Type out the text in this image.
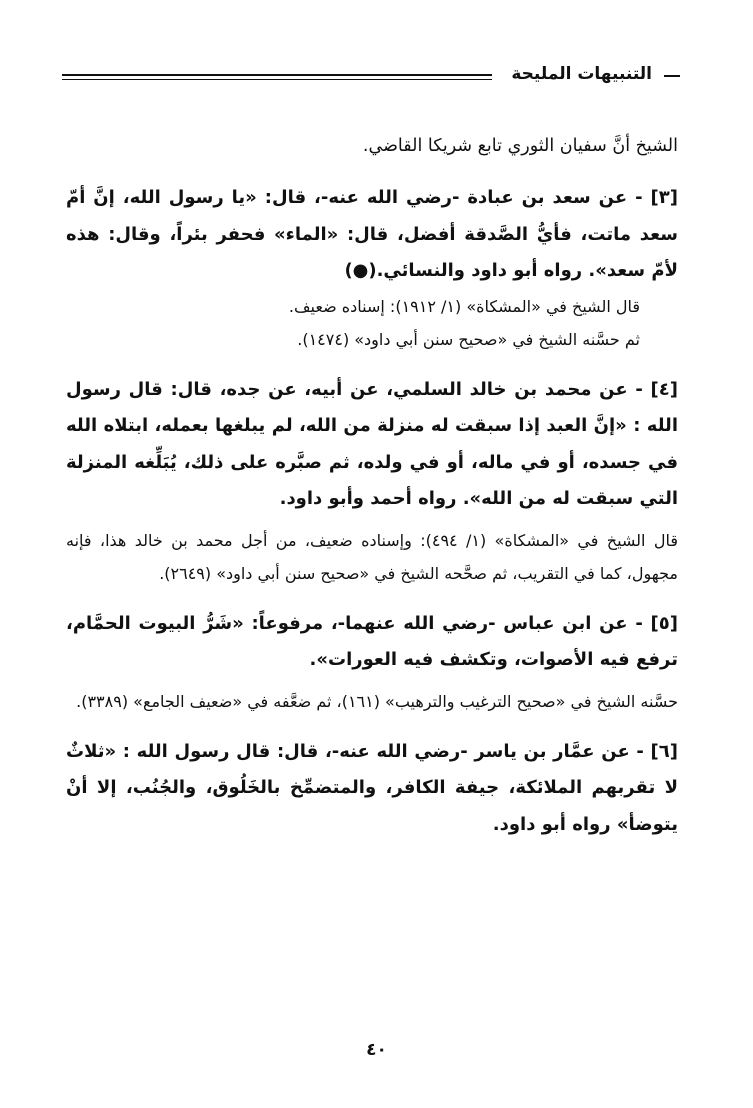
التنبيهات المليحة

الشيخ أنَّ سفيان الثوري تابع شريكا القاضي.

[٣] - عن سعد بن عبادة -رضي الله عنه-، قال: «يا رسول الله، إنَّ أمّ سعد ماتت، فأيُّ الصَّدقة أفضل، قال: «الماء» فحفر بئراً، وقال: هذه لأمّ سعد». رواه أبو داود والنسائي.(●)

قال الشيخ في «المشكاة» (١/ ١٩١٢): إسناده ضعيف.

ثم حسَّنه الشيخ في «صحيح سنن أبي داود» (١٤٧٤).

[٤] - عن محمد بن خالد السلمي، عن أبيه، عن جده، قال: قال رسول الله : «إنَّ العبد إذا سبقت له منزلة من الله، لم يبلغها بعمله، ابتلاه الله في جسده، أو في ماله، أو في ولده، ثم صبَّره على ذلك، يُبَلِّغه المنزلة التي سبقت له من الله». رواه أحمد وأبو داود.

قال الشيخ في «المشكاة» (١/ ٤٩٤): وإسناده ضعيف، من أجل محمد بن خالد هذا، فإنه مجهول، كما في التقريب، ثم صحَّحه الشيخ في «صحيح سنن أبي داود» (٢٦٤٩).

[٥] - عن ابن عباس -رضي الله عنهما-، مرفوعاً: «شَرُّ البيوت الحمَّام، ترفع فيه الأصوات، وتكشف فيه العورات».

حسَّنه الشيخ في «صحيح الترغيب والترهيب» (١٦١)، ثم ضعَّفه في «ضعيف الجامع» (٣٣٨٩).

[٦] - عن عمَّار بن ياسر -رضي الله عنه-، قال: قال رسول الله : «ثلاثٌ لا تقربهم الملائكة، جيفة الكافر، والمتضمِّخ بالخَلُوق، والجُنُب، إلا أنْ يتوضأ» رواه أبو داود.

٤٠
